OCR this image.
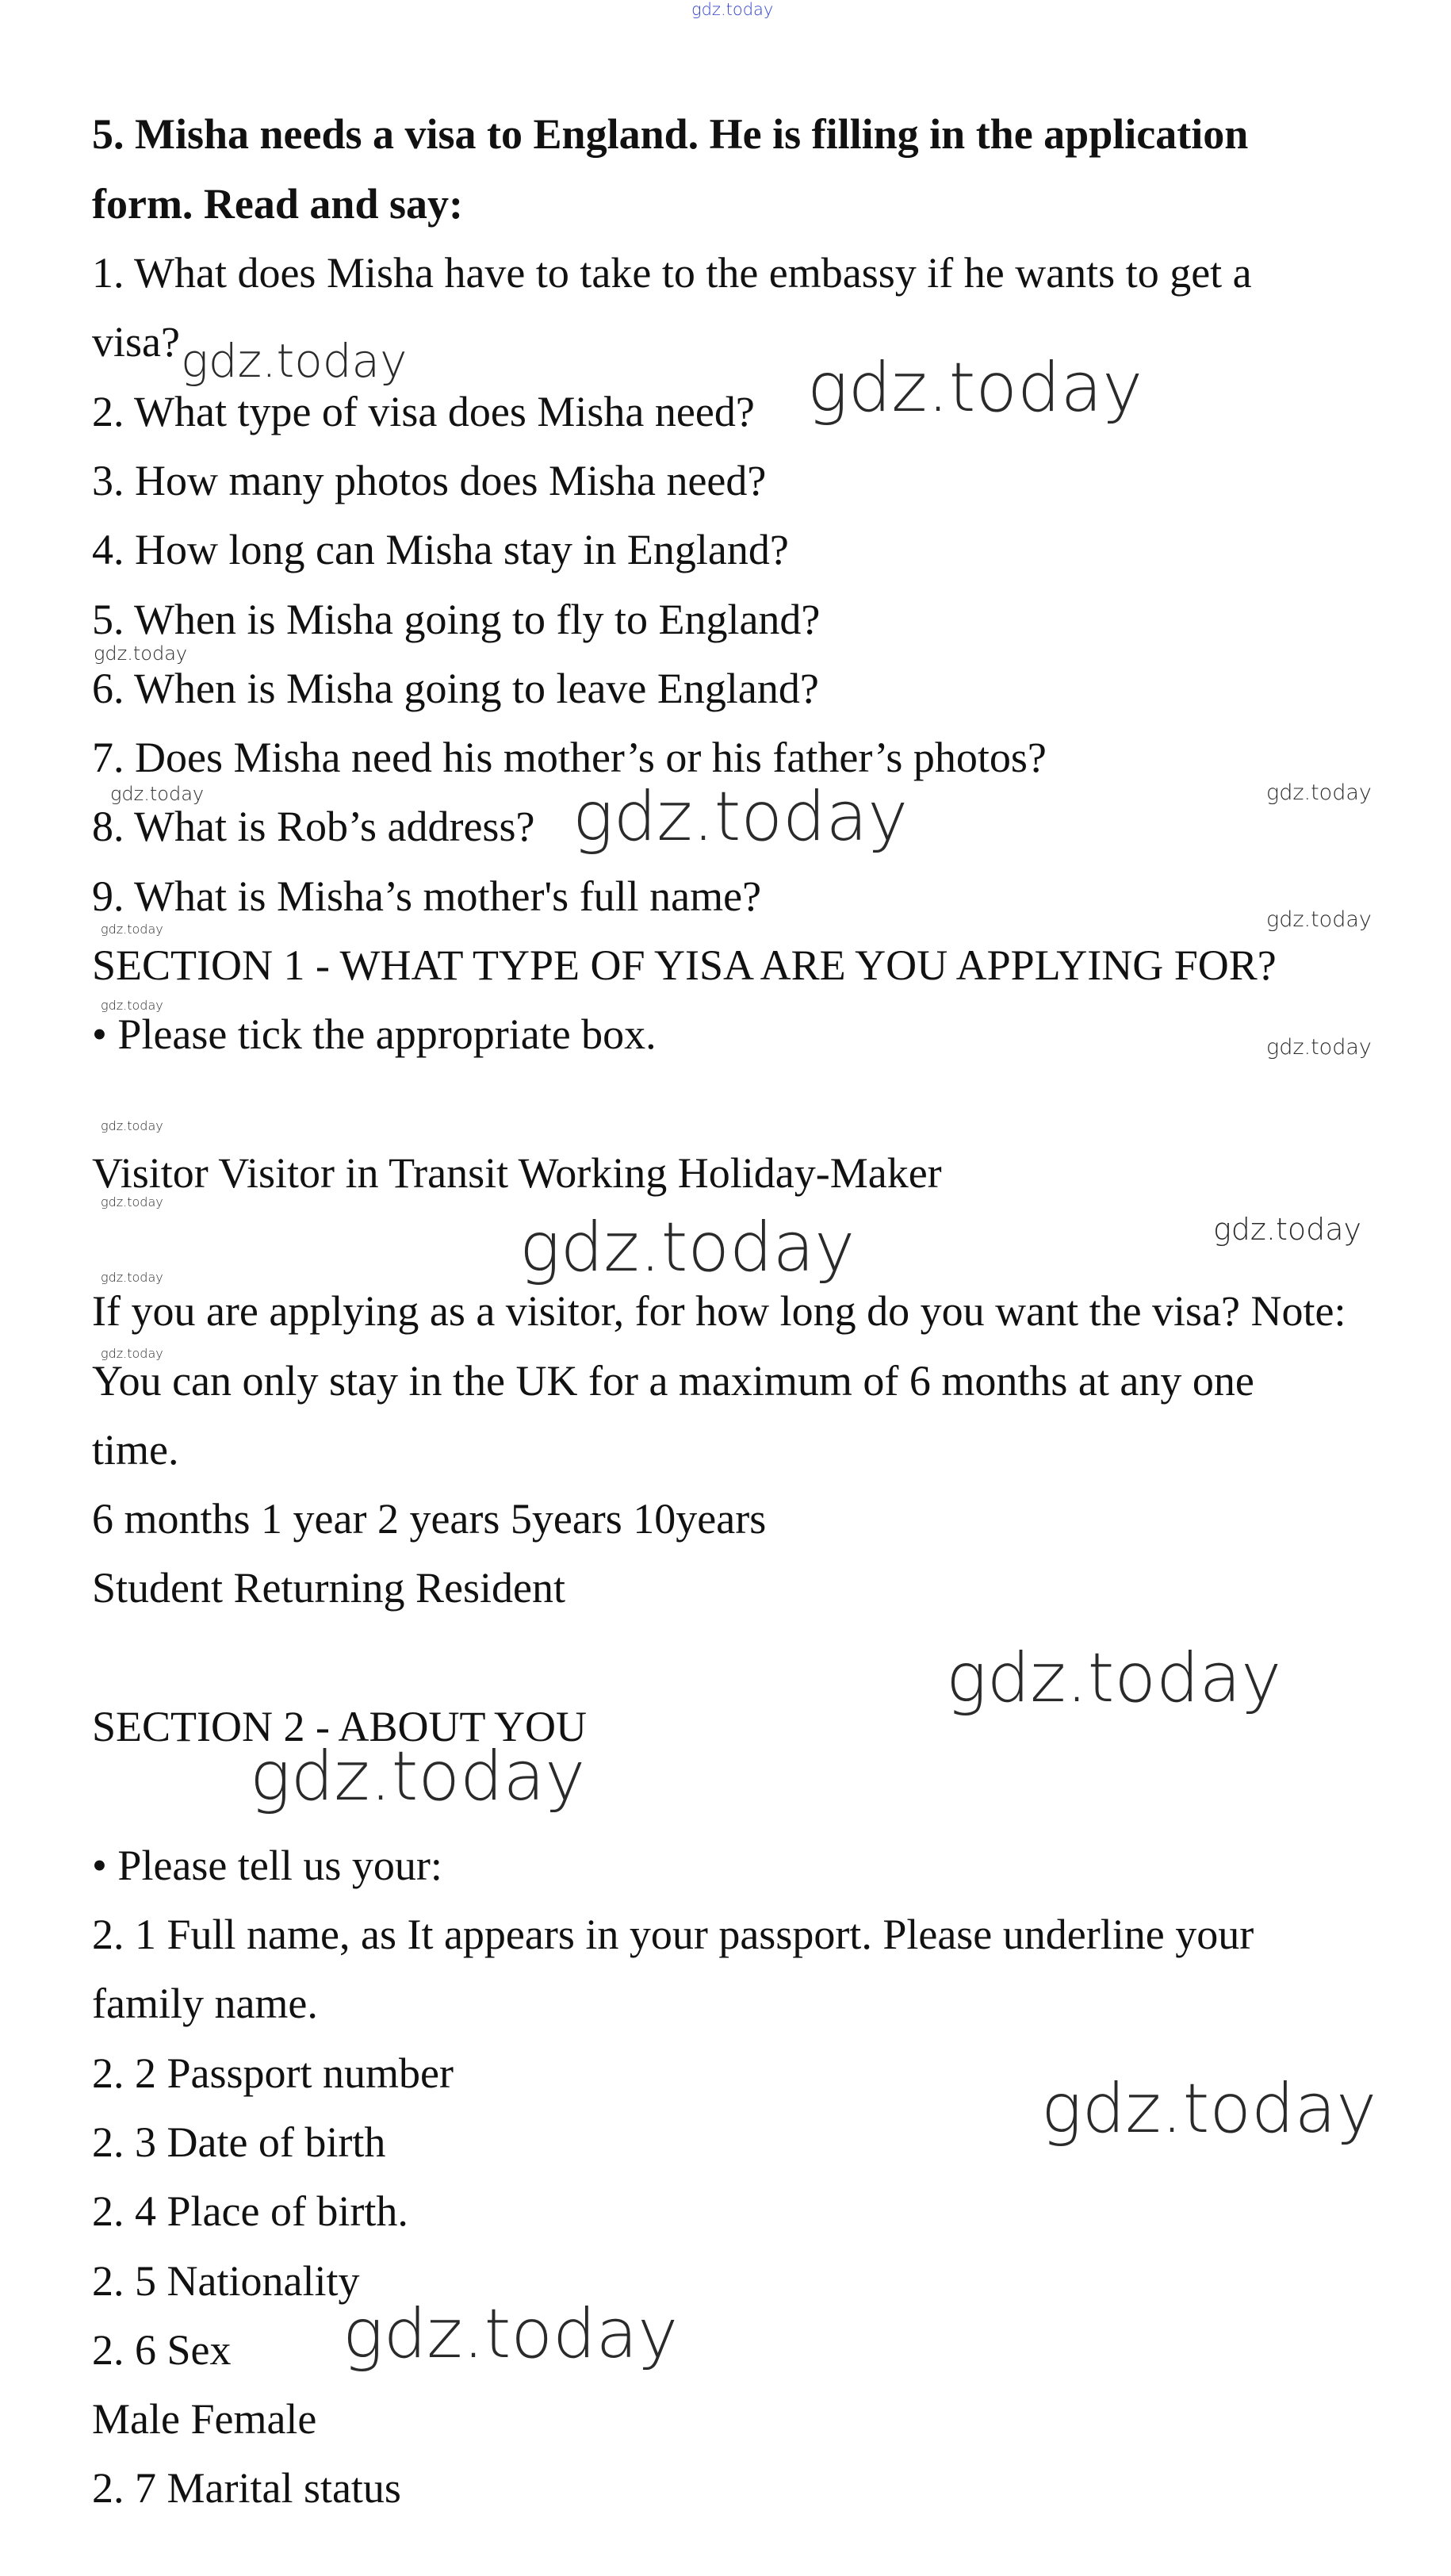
gdz.today
5. Misha needs a visa to England. He is filling in the application
form. Read and say:
1. What does Misha have to take to the embassy if he wants to get a
visa?
2. What type of visa does Misha need?
3. How many photos does Misha need?
4. How long can Misha stay in England?
5. When is Misha going to fly to England?
6. When is Misha going to leave England?
7. Does Misha need his mother’s or his father’s photos?
8. What is Rob’s address?
9. What is Misha’s mother's full name?
SECTION 1 - WHAT TYPE OF YISA ARE YOU APPLYING FOR?
• Please tick the appropriate box.
Visitor Visitor in Transit Working Holiday-Maker
If you are applying as a visitor, for how long do you want the visa? Note:
You can only stay in the UK for a maximum of 6 months at any one
time.
6 months 1 year 2 years 5years 10years
Student Returning Resident
SECTION 2 - ABOUT YOU
• Please tell us your:
2. 1 Full name, as It appears in your passport. Please underline your
family name.
2. 2 Passport number
2. 3 Date of birth
2. 4 Place of birth.
2. 5 Nationality
2. 6 Sex
Male Female
2. 7 Marital status
gdz.today	gdz.today
gdz.today
gdz.today	gdz.today	gdz.today
gdz.today	gdz.today
gdz.today
gdz.today
gdz.today
gdz.today
gdz.today	gdz.today
gdz.today
gdz.today
gdz.today
gdz.today
gdz.today
gdz.today
